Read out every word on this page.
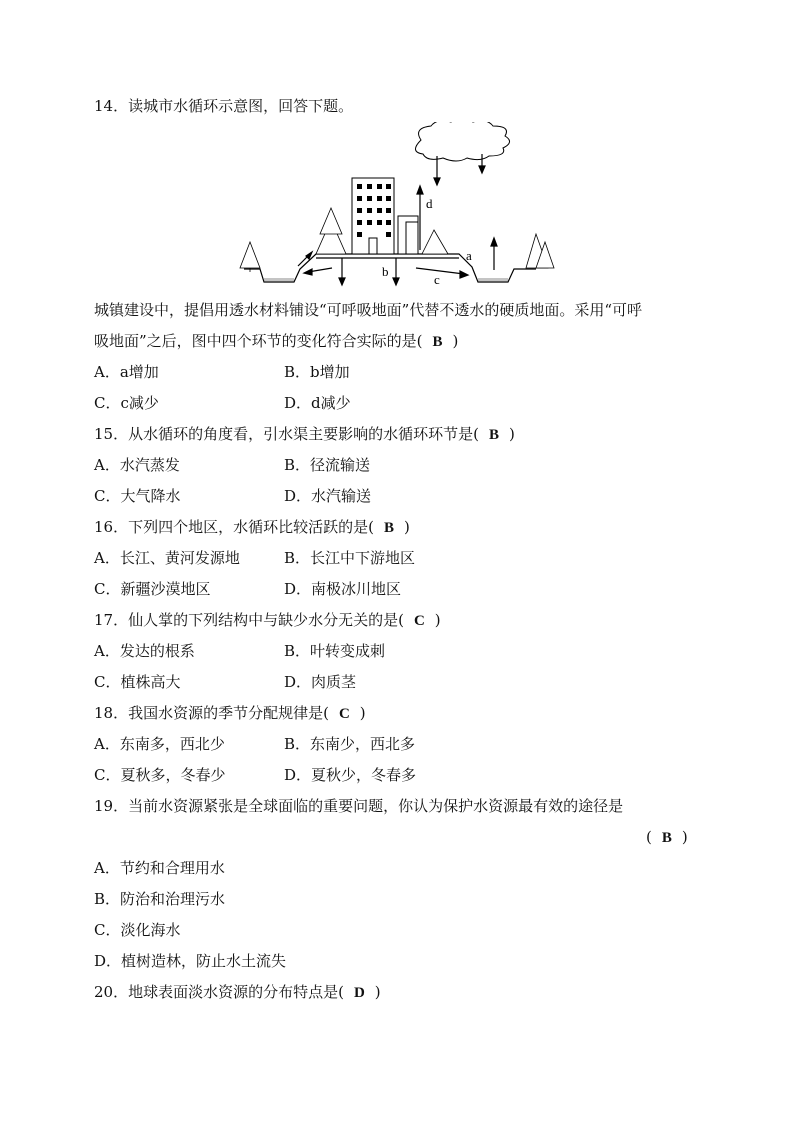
14．读城市水循环示意图，回答下题。
d
b
c
a
城镇建设中，提倡用透水材料铺设“可呼吸地面”代替不透水的硬质地面。采用“可呼
吸地面”之后，图中四个环节的变化符合实际的是( B )
A．a增加	B．b增加
C．c减少	D．d减少
15．从水循环的角度看，引水渠主要影响的水循环环节是( B )
A．水汽蒸发	B．径流输送
C．大气降水	D．水汽输送
16．下列四个地区，水循环比较活跃的是( B )
A．长江、黄河发源地	B．长江中下游地区
C．新疆沙漠地区	D．南极冰川地区
17．仙人掌的下列结构中与缺少水分无关的是( C )
A．发达的根系	B．叶转变成刺
C．植株高大	D．肉质茎
18．我国水资源的季节分配规律是( C )
A．东南多，西北少	B．东南少，西北多
C．夏秋多，冬春少	D．夏秋少，冬春多
19．当前水资源紧张是全球面临的重要问题，你认为保护水资源最有效的途径是
( B )
A．节约和合理用水
B．防治和治理污水
C．淡化海水
D．植树造林，防止水土流失
20．地球表面淡水资源的分布特点是( D )
